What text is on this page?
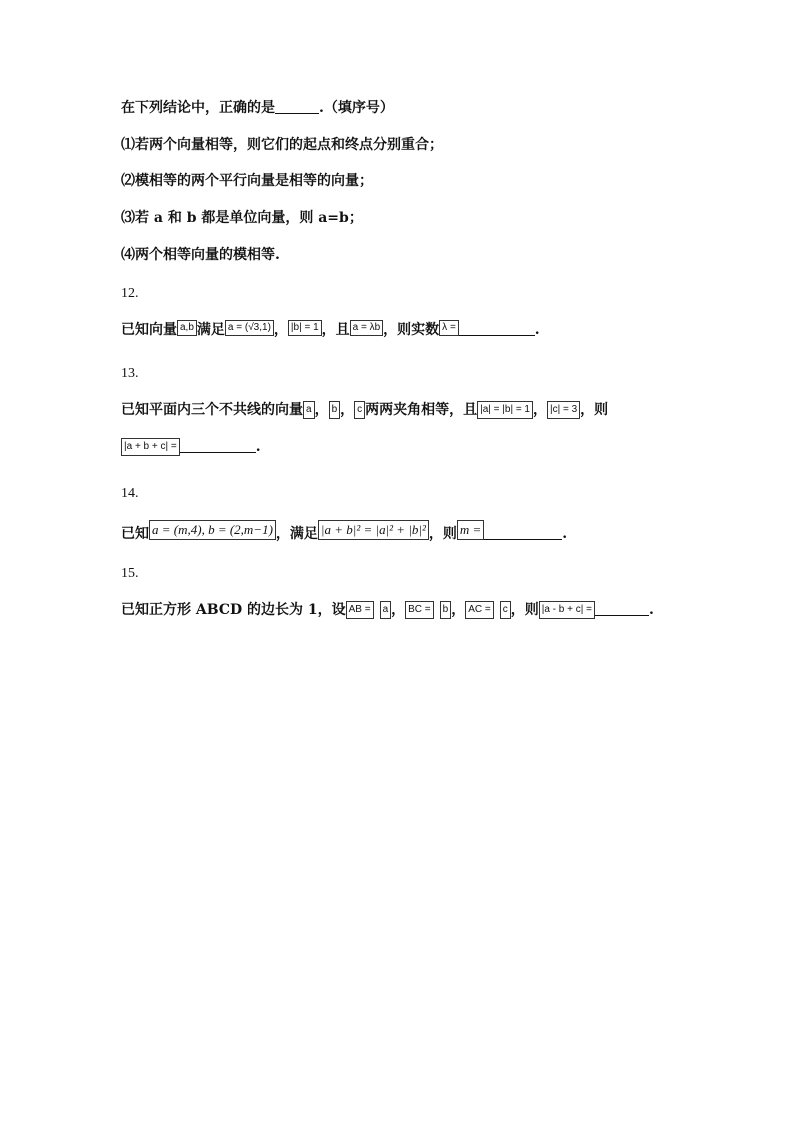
在下列结论中，正确的是	.（填序号）
⑴若两个向量相等，则它们的起点和终点分别重合；
⑵模相等的两个平行向量是相等的向量；
⑶若 a 和 b 都是单位向量，则 a=b；
⑷两个相等向量的模相等.
12.
已知向量 a,b 满足 a = (√3,1) ， |b| = 1 ，且 a = λb ，则实数 λ =	.
13.
已知平面内三个不共线的向量 a ， b ， c 两两夹角相等，且 |a| = |b| = 1 ， |c| = 3 ，则
|a + b + c| =	.
14.
已知 a = (m,4), b = (2,m−1) ，满足 |a + b|² = |a|² + |b|² ，则 m =	.
15.
已知正方形 ABCD 的边长为 1，设 AB = a ， BC = b ， AC = c ，则 |a - b + c| =	.
